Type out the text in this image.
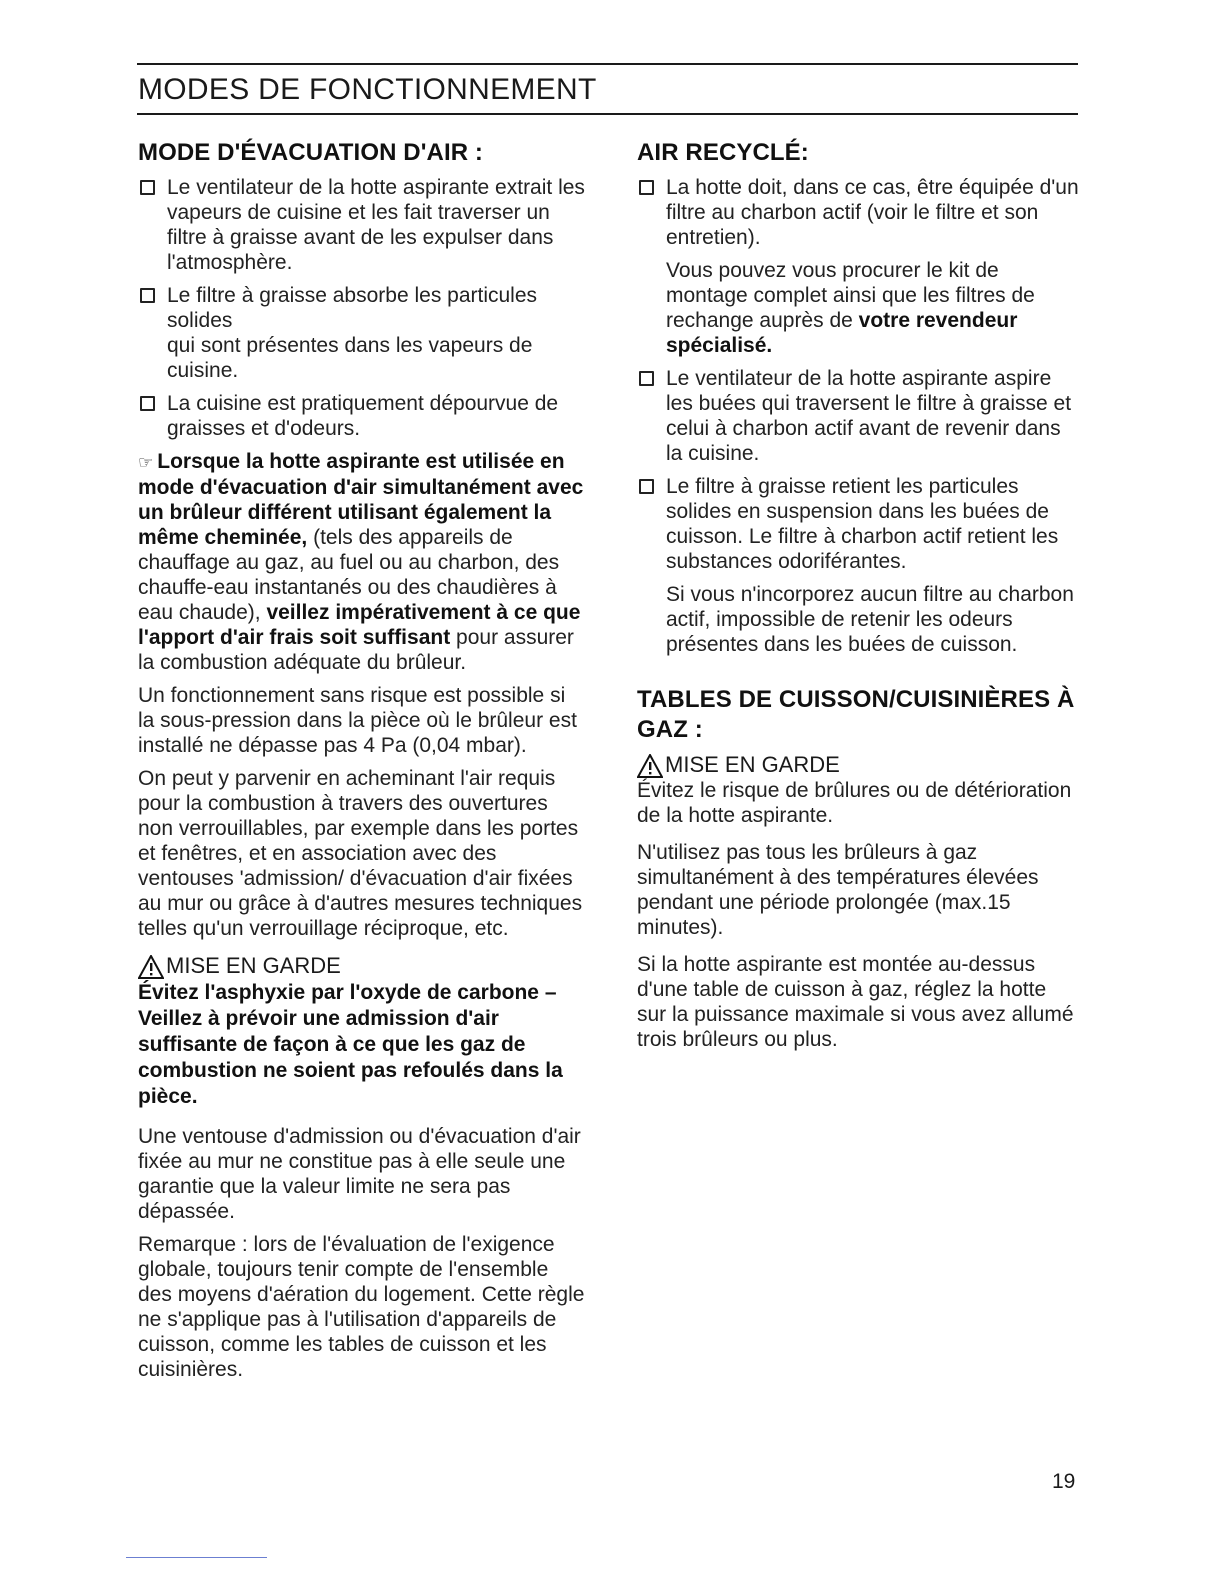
MODES DE FONCTIONNEMENT
MODE D'ÉVACUATION D'AIR :
Le ventilateur de la hotte aspirante extrait les vapeurs de cuisine et les fait traverser un filtre à graisse avant de les expulser dans l'atmosphère.
Le filtre à graisse absorbe les particules solides
qui sont présentes dans les vapeurs de cuisine.
La cuisine est pratiquement dépourvue de graisses et d'odeurs.

☞ Lorsque la hotte aspirante est utilisée en mode d'évacuation d'air simultanément avec un brûleur différent utilisant également la même cheminée, (tels des appareils de chauffage au gaz, au fuel ou au charbon, des chauffe-eau instantanés ou des chaudières à eau chaude), veillez impérativement à ce que l'apport d'air frais soit suffisant pour assurer la combustion adéquate du brûleur.

Un fonctionnement sans risque est possible si la sous-pression dans la pièce où le brûleur est installé ne dépasse pas 4 Pa (0,04 mbar).

On peut y parvenir en acheminant l'air requis pour la combustion à travers des ouvertures non verrouillables, par exemple dans les portes et fenêtres, et en association avec des ventouses 'admission/ d'évacuation d'air fixées au mur ou grâce à d'autres mesures techniques telles qu'un verrouillage réciproque, etc.

MISE EN GARDE
Évitez l'asphyxie par l'oxyde de carbone – Veillez à prévoir une admission d'air suffisante de façon à ce que les gaz de combustion ne soient pas refoulés dans la pièce.

Une ventouse d'admission ou d'évacuation d'air fixée au mur ne constitue pas à elle seule une garantie que la valeur limite ne sera pas dépassée.

Remarque : lors de l'évaluation de l'exigence globale, toujours tenir compte de l'ensemble des moyens d'aération du logement. Cette règle ne s'applique pas à l'utilisation d'appareils de cuisson, comme les tables de cuisson et les cuisinières.

AIR RECYCLÉ:
La hotte doit, dans ce cas, être équipée d'un filtre au charbon actif (voir le filtre et son entretien).

Vous pouvez vous procurer le kit de montage complet ainsi que les filtres de rechange auprès de votre revendeur spécialisé.

Le ventilateur de la hotte aspirante aspire les buées qui traversent le filtre à graisse et celui à charbon actif avant de revenir dans la cuisine.
Le filtre à graisse retient les particules solides en suspension dans les buées de cuisson. Le filtre à charbon actif retient les substances odoriférantes.

Si vous n'incorporez aucun filtre au charbon actif, impossible de retenir les odeurs présentes dans les buées de cuisson.

TABLES DE CUISSON/CUISINIÈRES À GAZ :
MISE EN GARDE

Évitez le risque de brûlures ou de détérioration de la hotte aspirante.

N'utilisez pas tous les brûleurs à gaz simultanément à des températures élevées pendant une période prolongée (max.15 minutes).

Si la hotte aspirante est montée au-dessus d'une table de cuisson à gaz, réglez la hotte sur la puissance maximale si vous avez allumé trois brûleurs ou plus.

19
